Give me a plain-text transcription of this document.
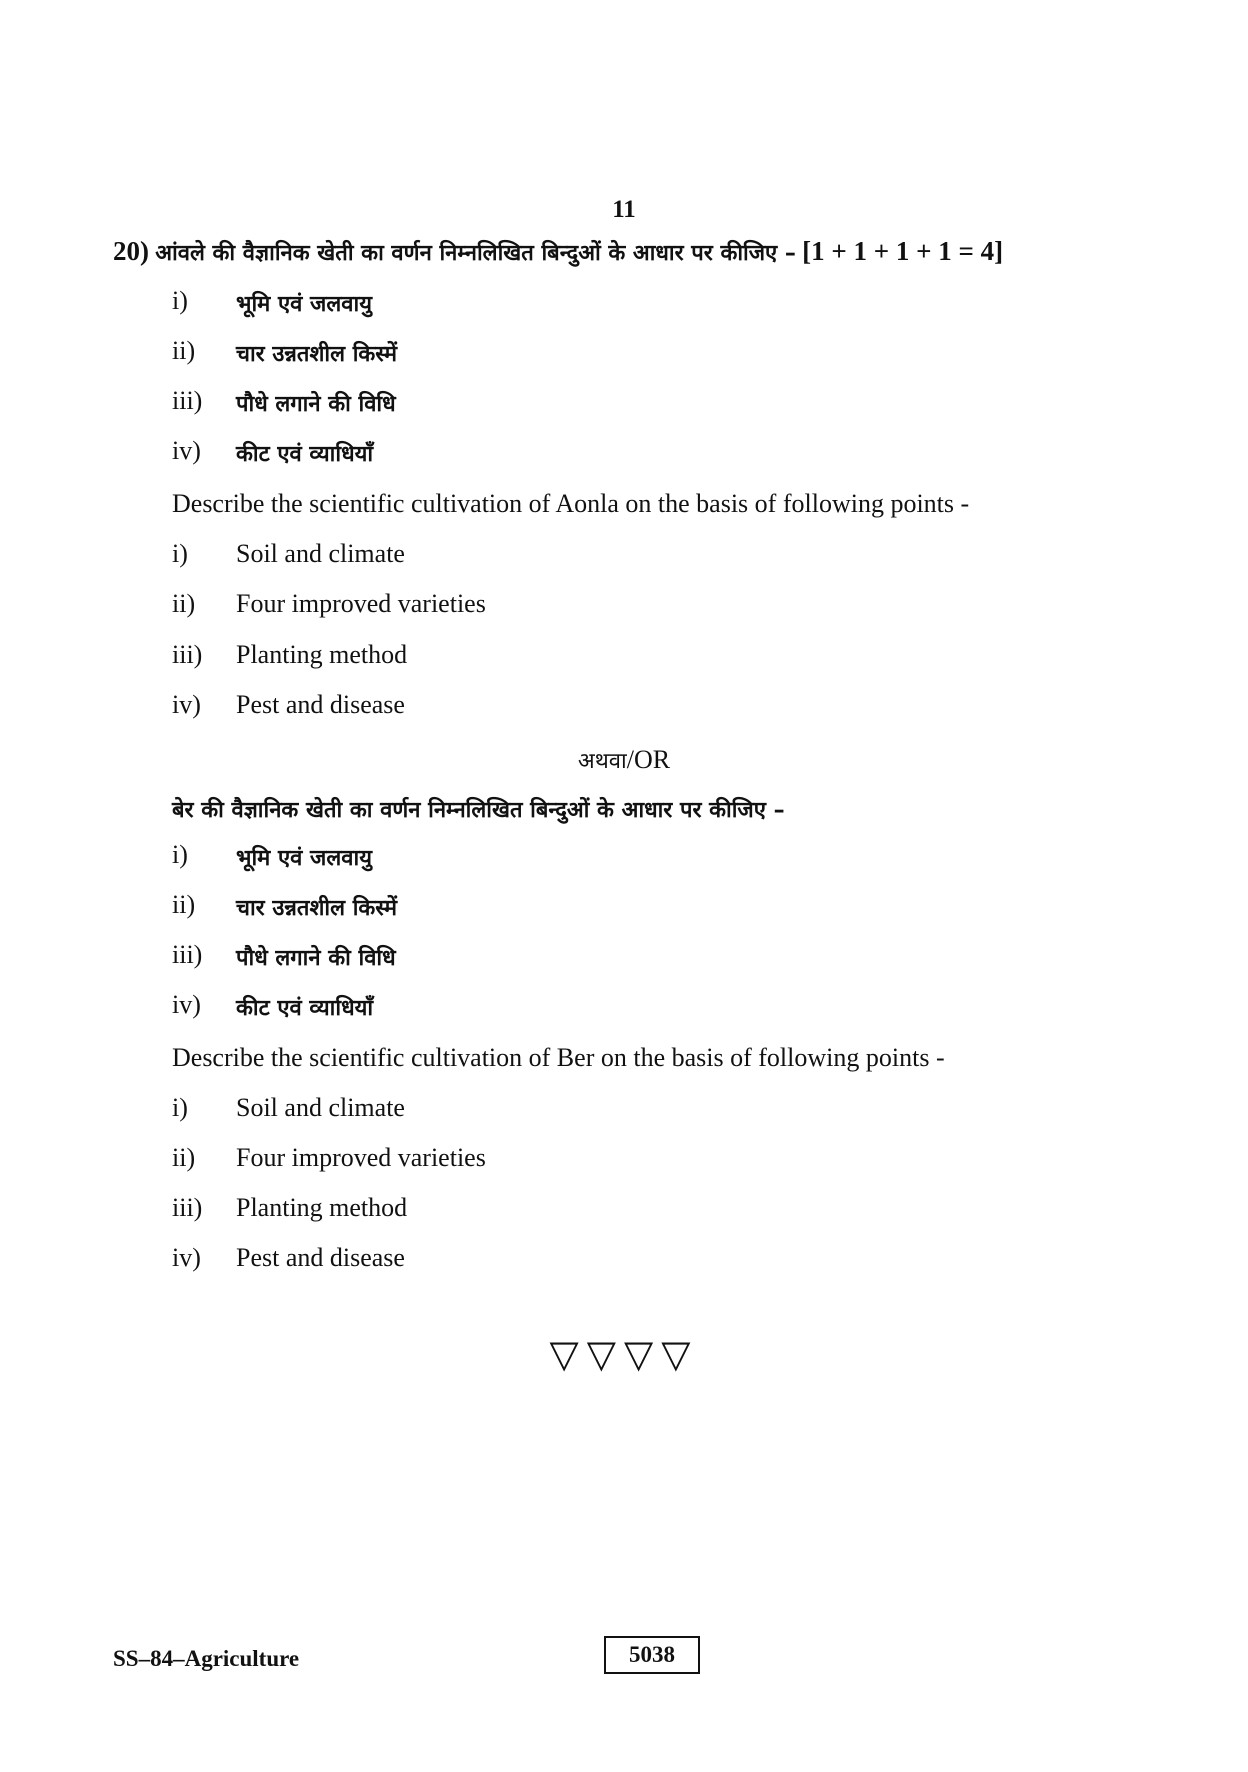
11
20) आंवले की वैज्ञानिक खेती का वर्णन निम्नलिखित बिन्दुओं के आधार पर कीजिए – [1 + 1 + 1 + 1 = 4]
i) भूमि एवं जलवायु
ii) चार उन्नतशील किस्में
iii) पौधे लगाने की विधि
iv) कीट एवं व्याधियाँ
Describe the scientific cultivation of Aonla on the basis of following points -
i) Soil and climate
ii) Four improved varieties
iii) Planting method
iv) Pest and disease
अथवा/OR
बेर की वैज्ञानिक खेती का वर्णन निम्नलिखित बिन्दुओं के आधार पर कीजिए –
i) भूमि एवं जलवायु
ii) चार उन्नतशील किस्में
iii) पौधे लगाने की विधि
iv) कीट एवं व्याधियाँ
Describe the scientific cultivation of Ber on the basis of following points -
i) Soil and climate
ii) Four improved varieties
iii) Planting method
iv) Pest and disease
▽▽▽▽
SS–84–Agriculture	5038
